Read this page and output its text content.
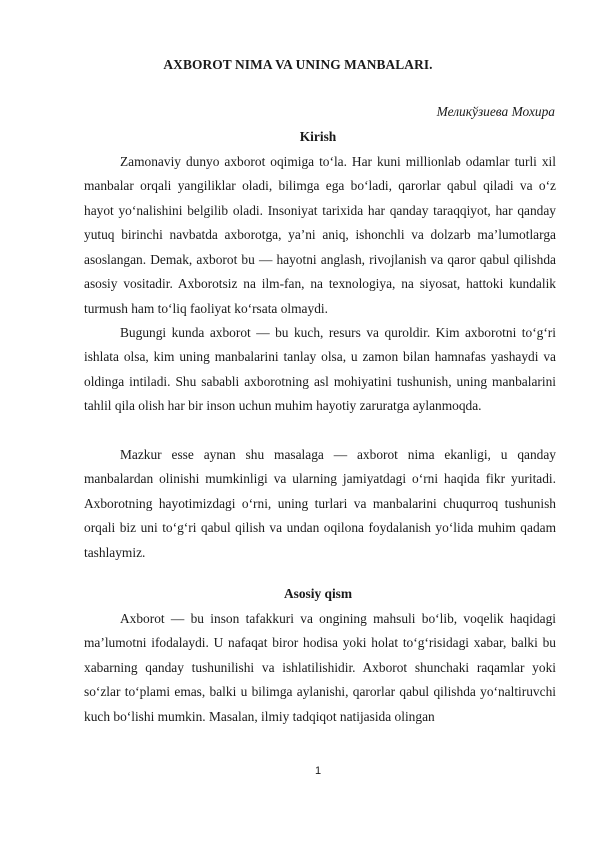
AXBOROT NIMA VA UNING MANBALARI.
Меликўзиева Мохира
Kirish

Zamonaviy dunyo axborot oqimiga to‘la. Har kuni millionlab odamlar turli xil manbalar orqali yangiliklar oladi, bilimga ega bo‘ladi, qarorlar qabul qiladi va o‘z hayot yo‘nalishini belgilib oladi. Insoniyat tarixida har qanday taraqqiyot, har qanday yutuq birinchi navbatda axborotga, ya’ni aniq, ishonchli va dolzarb ma’lumotlarga asoslangan. Demak, axborot bu — hayotni anglash, rivojlanish va qaror qabul qilishda asosiy vositadir. Axborotsiz na ilm-fan, na texnologiya, na siyosat, hattoki kundalik turmush ham to‘liq faoliyat ko‘rsata olmaydi.

Bugungi kunda axborot — bu kuch, resurs va quroldir. Kim axborotni to‘g‘ri ishlata olsa, kim uning manbalarini tanlay olsa, u zamon bilan hamnafas yashaydi va oldinga intiladi. Shu sababli axborotning asl mohiyatini tushunish, uning manbalarini tahlil qila olish har bir inson uchun muhim hayotiy zaruratga aylanmoqda.

Mazkur esse aynan shu masalaga — axborot nima ekanligi, u qanday manbalardan olinishi mumkinligi va ularning jamiyatdagi o‘rni haqida fikr yuritadi. Axborotning hayotimizdagi o‘rni, uning turlari va manbalarini chuqurroq tushunish orqali biz uni to‘g‘ri qabul qilish va undan oqilona foydalanish yo‘lida muhim qadam tashlaymiz.

Asosiy qism

Axborot — bu inson tafakkuri va ongining mahsuli bo‘lib, voqelik haqidagi ma’lumotni ifodalaydi. U nafaqat biror hodisa yoki holat to‘g‘risidagi xabar, balki bu xabarning qanday tushunilishi va ishlatilishidir. Axborot shunchaki raqamlar yoki so‘zlar to‘plami emas, balki u bilimga aylanishi, qarorlar qabul qilishda yo‘naltiruvchi kuch bo‘lishi mumkin. Masalan, ilmiy tadqiqot natijasida olingan

1
